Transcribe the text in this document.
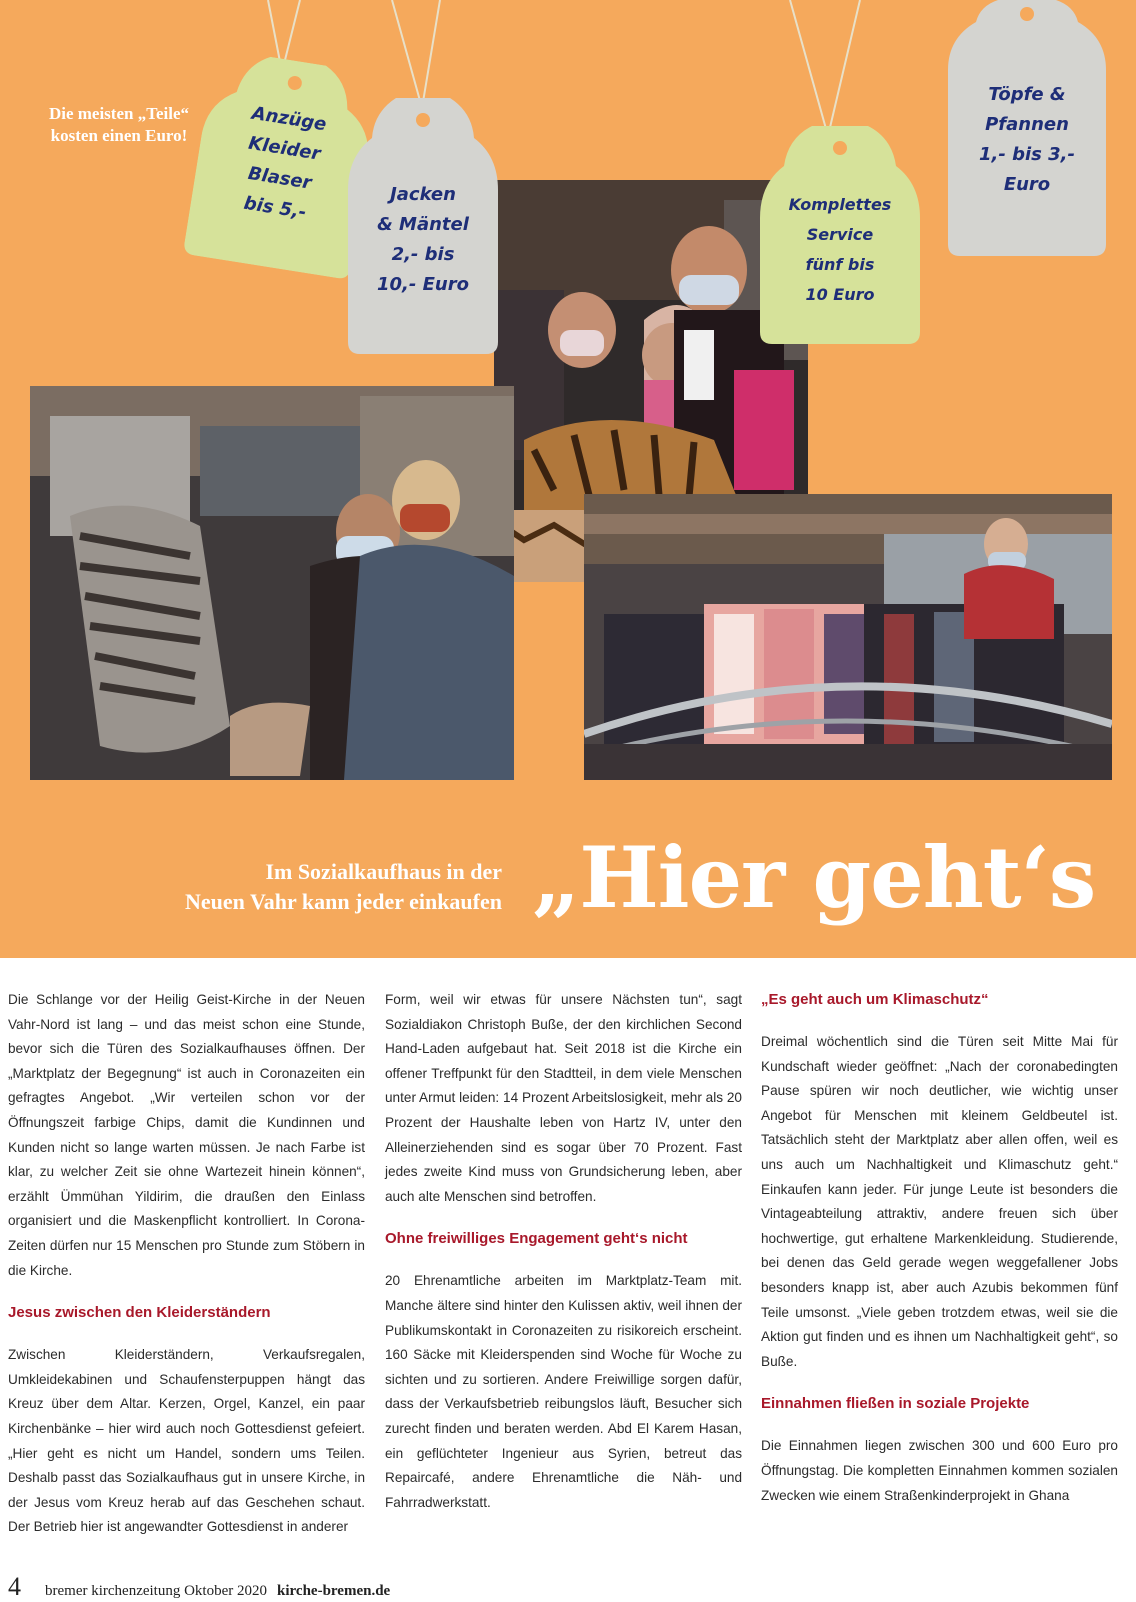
Die meisten „Teile“
kosten einen Euro!
Anzüge
Kleider
Blaser
bis 5,-	Jacken
& Mäntel
2,- bis
10,- Euro
Komplettes
Service
fünf bis
10 Euro
Töpfe &
Pfannen
1,- bis 3,-
Euro
Im Sozialkaufhaus in der
Neuen Vahr kann jeder einkaufen „Hier geht‘s

Die Schlange vor der Heilig Geist-Kirche in der Neuen Vahr-Nord ist lang – und das meist schon eine Stunde, bevor sich die Türen des Sozialkaufhauses öffnen. Der „Marktplatz der Begegnung“ ist auch in Coronazeiten ein gefragtes Angebot. „Wir verteilen schon vor der Öffnungszeit farbige Chips, damit die Kundinnen und Kunden nicht so lange warten müssen. Je nach Farbe ist klar, zu welcher Zeit sie ohne Wartezeit hinein können“, erzählt Ümmühan Yildirim, die draußen den Einlass organisiert und die Maskenpflicht kontrolliert. In Corona-Zeiten dürfen nur 15 Menschen pro Stunde zum Stöbern in die Kirche.

Jesus zwischen den Kleiderständern

Zwischen Kleiderständern, Verkaufsregalen, Umkleidekabinen und Schaufensterpuppen hängt das Kreuz über dem Altar. Kerzen, Orgel, Kanzel, ein paar Kirchenbänke – hier wird auch noch Gottesdienst gefeiert. „Hier geht es nicht um Handel, sondern ums Teilen. Deshalb passt das Sozialkaufhaus gut in unsere Kirche, in der Jesus vom Kreuz herab auf das Geschehen schaut. Der Betrieb hier ist angewandter Gottesdienst in anderer

Form, weil wir etwas für unsere Nächsten tun“, sagt Sozialdiakon Christoph Buße, der den kirchlichen Second Hand-Laden aufgebaut hat. Seit 2018 ist die Kirche ein offener Treffpunkt für den Stadtteil, in dem viele Menschen unter Armut leiden: 14 Prozent Arbeitslosigkeit, mehr als 20 Prozent der Haushalte leben von Hartz IV, unter den Alleinerziehenden sind es sogar über 70 Prozent. Fast jedes zweite Kind muss von Grundsicherung leben, aber auch alte Menschen sind betroffen.

Ohne freiwilliges Engagement geht‘s nicht

20 Ehrenamtliche arbeiten im Marktplatz-Team mit. Manche ältere sind hinter den Kulissen aktiv, weil ihnen der Publikumskontakt in Coronazeiten zu risikoreich erscheint. 160 Säcke mit Kleiderspenden sind Woche für Woche zu sichten und zu sortieren. Andere Freiwillige sorgen dafür, dass der Verkaufsbetrieb reibungslos läuft, Besucher sich zurecht finden und beraten werden. Abd El Karem Hasan, ein geflüchteter Ingenieur aus Syrien, betreut das Repaircafé, andere Ehrenamtliche die Näh- und Fahrradwerkstatt.

„Es geht auch um Klimaschutz“

Dreimal wöchentlich sind die Türen seit Mitte Mai für Kundschaft wieder geöffnet: „Nach der coronabedingten Pause spüren wir noch deutlicher, wie wichtig unser Angebot für Menschen mit kleinem Geldbeutel ist. Tatsächlich steht der Marktplatz aber allen offen, weil es uns auch um Nachhaltigkeit und Klimaschutz geht.“ Einkaufen kann jeder. Für junge Leute ist besonders die Vintageabteilung attraktiv, andere freuen sich über hochwertige, gut erhaltene Markenkleidung. Studierende, bei denen das Geld gerade wegen weggefallener Jobs besonders knapp ist, aber auch Azubis bekommen fünf Teile umsonst. „Viele geben trotzdem etwas, weil sie die Aktion gut finden und es ihnen um Nachhaltigkeit geht“, so Buße.

Einnahmen fließen in soziale Projekte

Die Einnahmen liegen zwischen 300 und 600 Euro pro Öffnungstag. Die kompletten Einnahmen kommen sozialen Zwecken wie einem Straßenkinderprojekt in Ghana

4 bremer kirchenzeitung Oktober 2020 kirche-bremen.de
